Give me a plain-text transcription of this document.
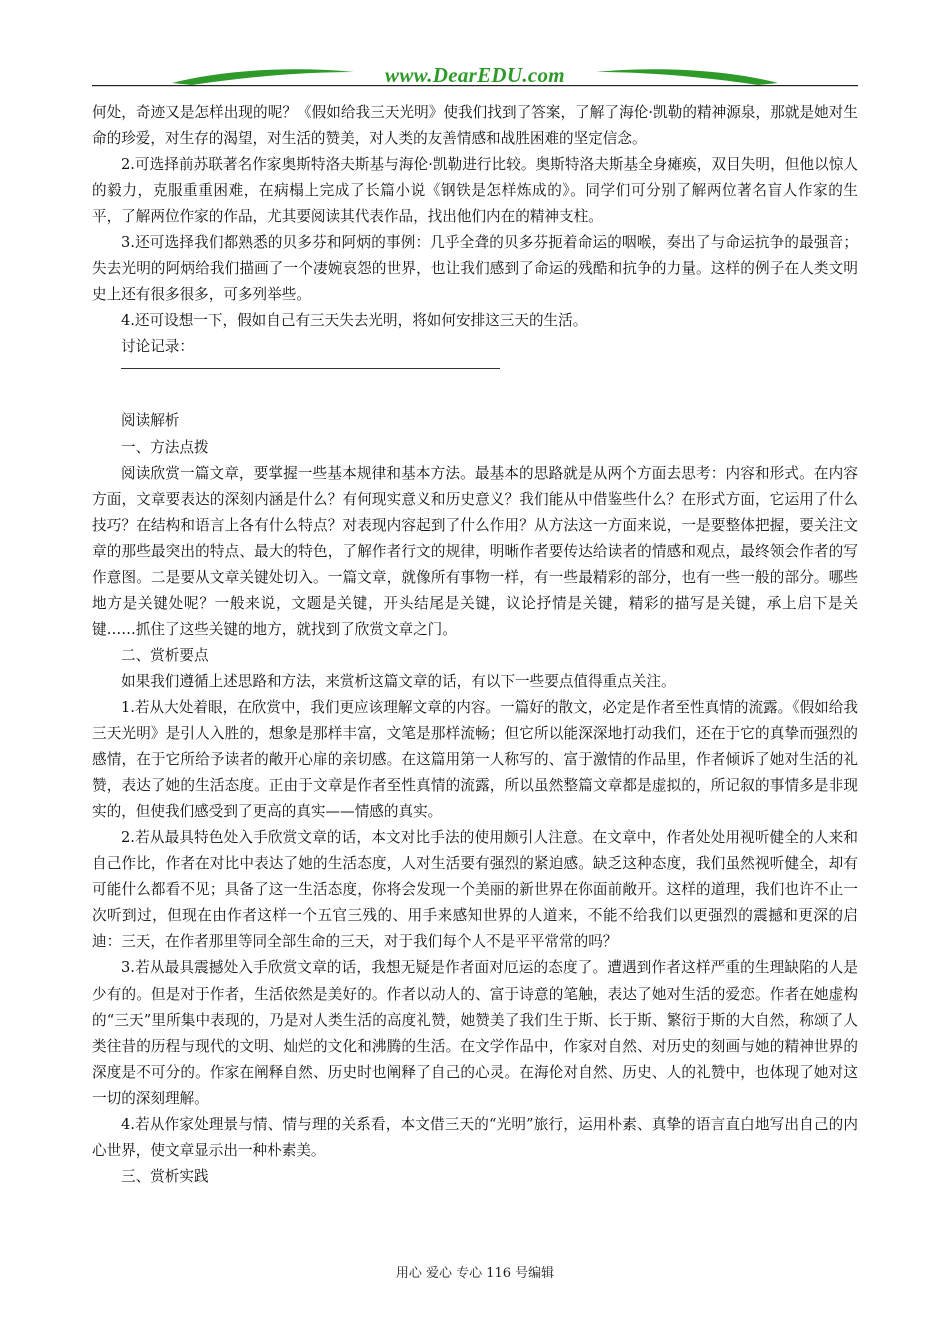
www.DearEDU.com

何处，奇迹又是怎样出现的呢？《假如给我三天光明》使我们找到了答案，了解了海伦·凯勒的精神源泉，那就是她对生命的珍爱，对生存的渴望，对生活的赞美，对人类的友善情感和战胜困难的坚定信念。

2.可选择前苏联著名作家奥斯特洛夫斯基与海伦·凯勒进行比较。奥斯特洛夫斯基全身瘫痪，双目失明，但他以惊人的毅力，克服重重困难，在病榻上完成了长篇小说《钢铁是怎样炼成的》。同学们可分别了解两位著名盲人作家的生平，了解两位作家的作品，尤其要阅读其代表作品，找出他们内在的精神支柱。

3.还可选择我们都熟悉的贝多芬和阿炳的事例：几乎全聋的贝多芬扼着命运的咽喉，奏出了与命运抗争的最强音；失去光明的阿炳给我们描画了一个凄婉哀怨的世界，也让我们感到了命运的残酷和抗争的力量。这样的例子在人类文明史上还有很多很多，可多列举些。

4.还可设想一下，假如自己有三天失去光明，将如何安排这三天的生活。

讨论记录：

阅读解析

一、方法点拨

阅读欣赏一篇文章，要掌握一些基本规律和基本方法。最基本的思路就是从两个方面去思考：内容和形式。在内容方面，文章要表达的深刻内涵是什么？有何现实意义和历史意义？我们能从中借鉴些什么？在形式方面，它运用了什么技巧？在结构和语言上各有什么特点？对表现内容起到了什么作用？从方法这一方面来说，一是要整体把握，要关注文章的那些最突出的特点、最大的特色，了解作者行文的规律，明晰作者要传达给读者的情感和观点，最终领会作者的写作意图。二是要从文章关键处切入。一篇文章，就像所有事物一样，有一些最精彩的部分，也有一些一般的部分。哪些地方是关键处呢？一般来说，文题是关键，开头结尾是关键，议论抒情是关键，精彩的描写是关键，承上启下是关键……抓住了这些关键的地方，就找到了欣赏文章之门。

二、赏析要点

如果我们遵循上述思路和方法，来赏析这篇文章的话，有以下一些要点值得重点关注。

1.若从大处着眼，在欣赏中，我们更应该理解文章的内容。一篇好的散文，必定是作者至性真情的流露。《假如给我三天光明》是引人入胜的，想象是那样丰富，文笔是那样流畅；但它所以能深深地打动我们，还在于它的真挚而强烈的感情，在于它所给予读者的敞开心扉的亲切感。在这篇用第一人称写的、富于激情的作品里，作者倾诉了她对生活的礼赞，表达了她的生活态度。正由于文章是作者至性真情的流露，所以虽然整篇文章都是虚拟的，所记叙的事情多是非现实的，但使我们感受到了更高的真实——情感的真实。

2.若从最具特色处入手欣赏文章的话，本文对比手法的使用颇引人注意。在文章中，作者处处用视听健全的人来和自己作比，作者在对比中表达了她的生活态度，人对生活要有强烈的紧迫感。缺乏这种态度，我们虽然视听健全，却有可能什么都看不见；具备了这一生活态度，你将会发现一个美丽的新世界在你面前敞开。这样的道理，我们也许不止一次听到过，但现在由作者这样一个五官三残的、用手来感知世界的人道来，不能不给我们以更强烈的震撼和更深的启迪：三天，在作者那里等同全部生命的三天，对于我们每个人不是平平常常的吗？

3.若从最具震撼处入手欣赏文章的话，我想无疑是作者面对厄运的态度了。遭遇到作者这样严重的生理缺陷的人是少有的。但是对于作者，生活依然是美好的。作者以动人的、富于诗意的笔触，表达了她对生活的爱恋。作者在她虚构的“三天”里所集中表现的，乃是对人类生活的高度礼赞，她赞美了我们生于斯、长于斯、繁衍于斯的大自然，称颂了人类往昔的历程与现代的文明、灿烂的文化和沸腾的生活。在文学作品中，作家对自然、对历史的刻画与她的精神世界的深度是不可分的。作家在阐释自然、历史时也阐释了自己的心灵。在海伦对自然、历史、人的礼赞中，也体现了她对这一切的深刻理解。

4.若从作家处理景与情、情与理的关系看，本文借三天的“光明”旅行，运用朴素、真挚的语言直白地写出自己的内心世界，使文章显示出一种朴素美。

三、赏析实践

用心 爱心 专心 116 号编辑
